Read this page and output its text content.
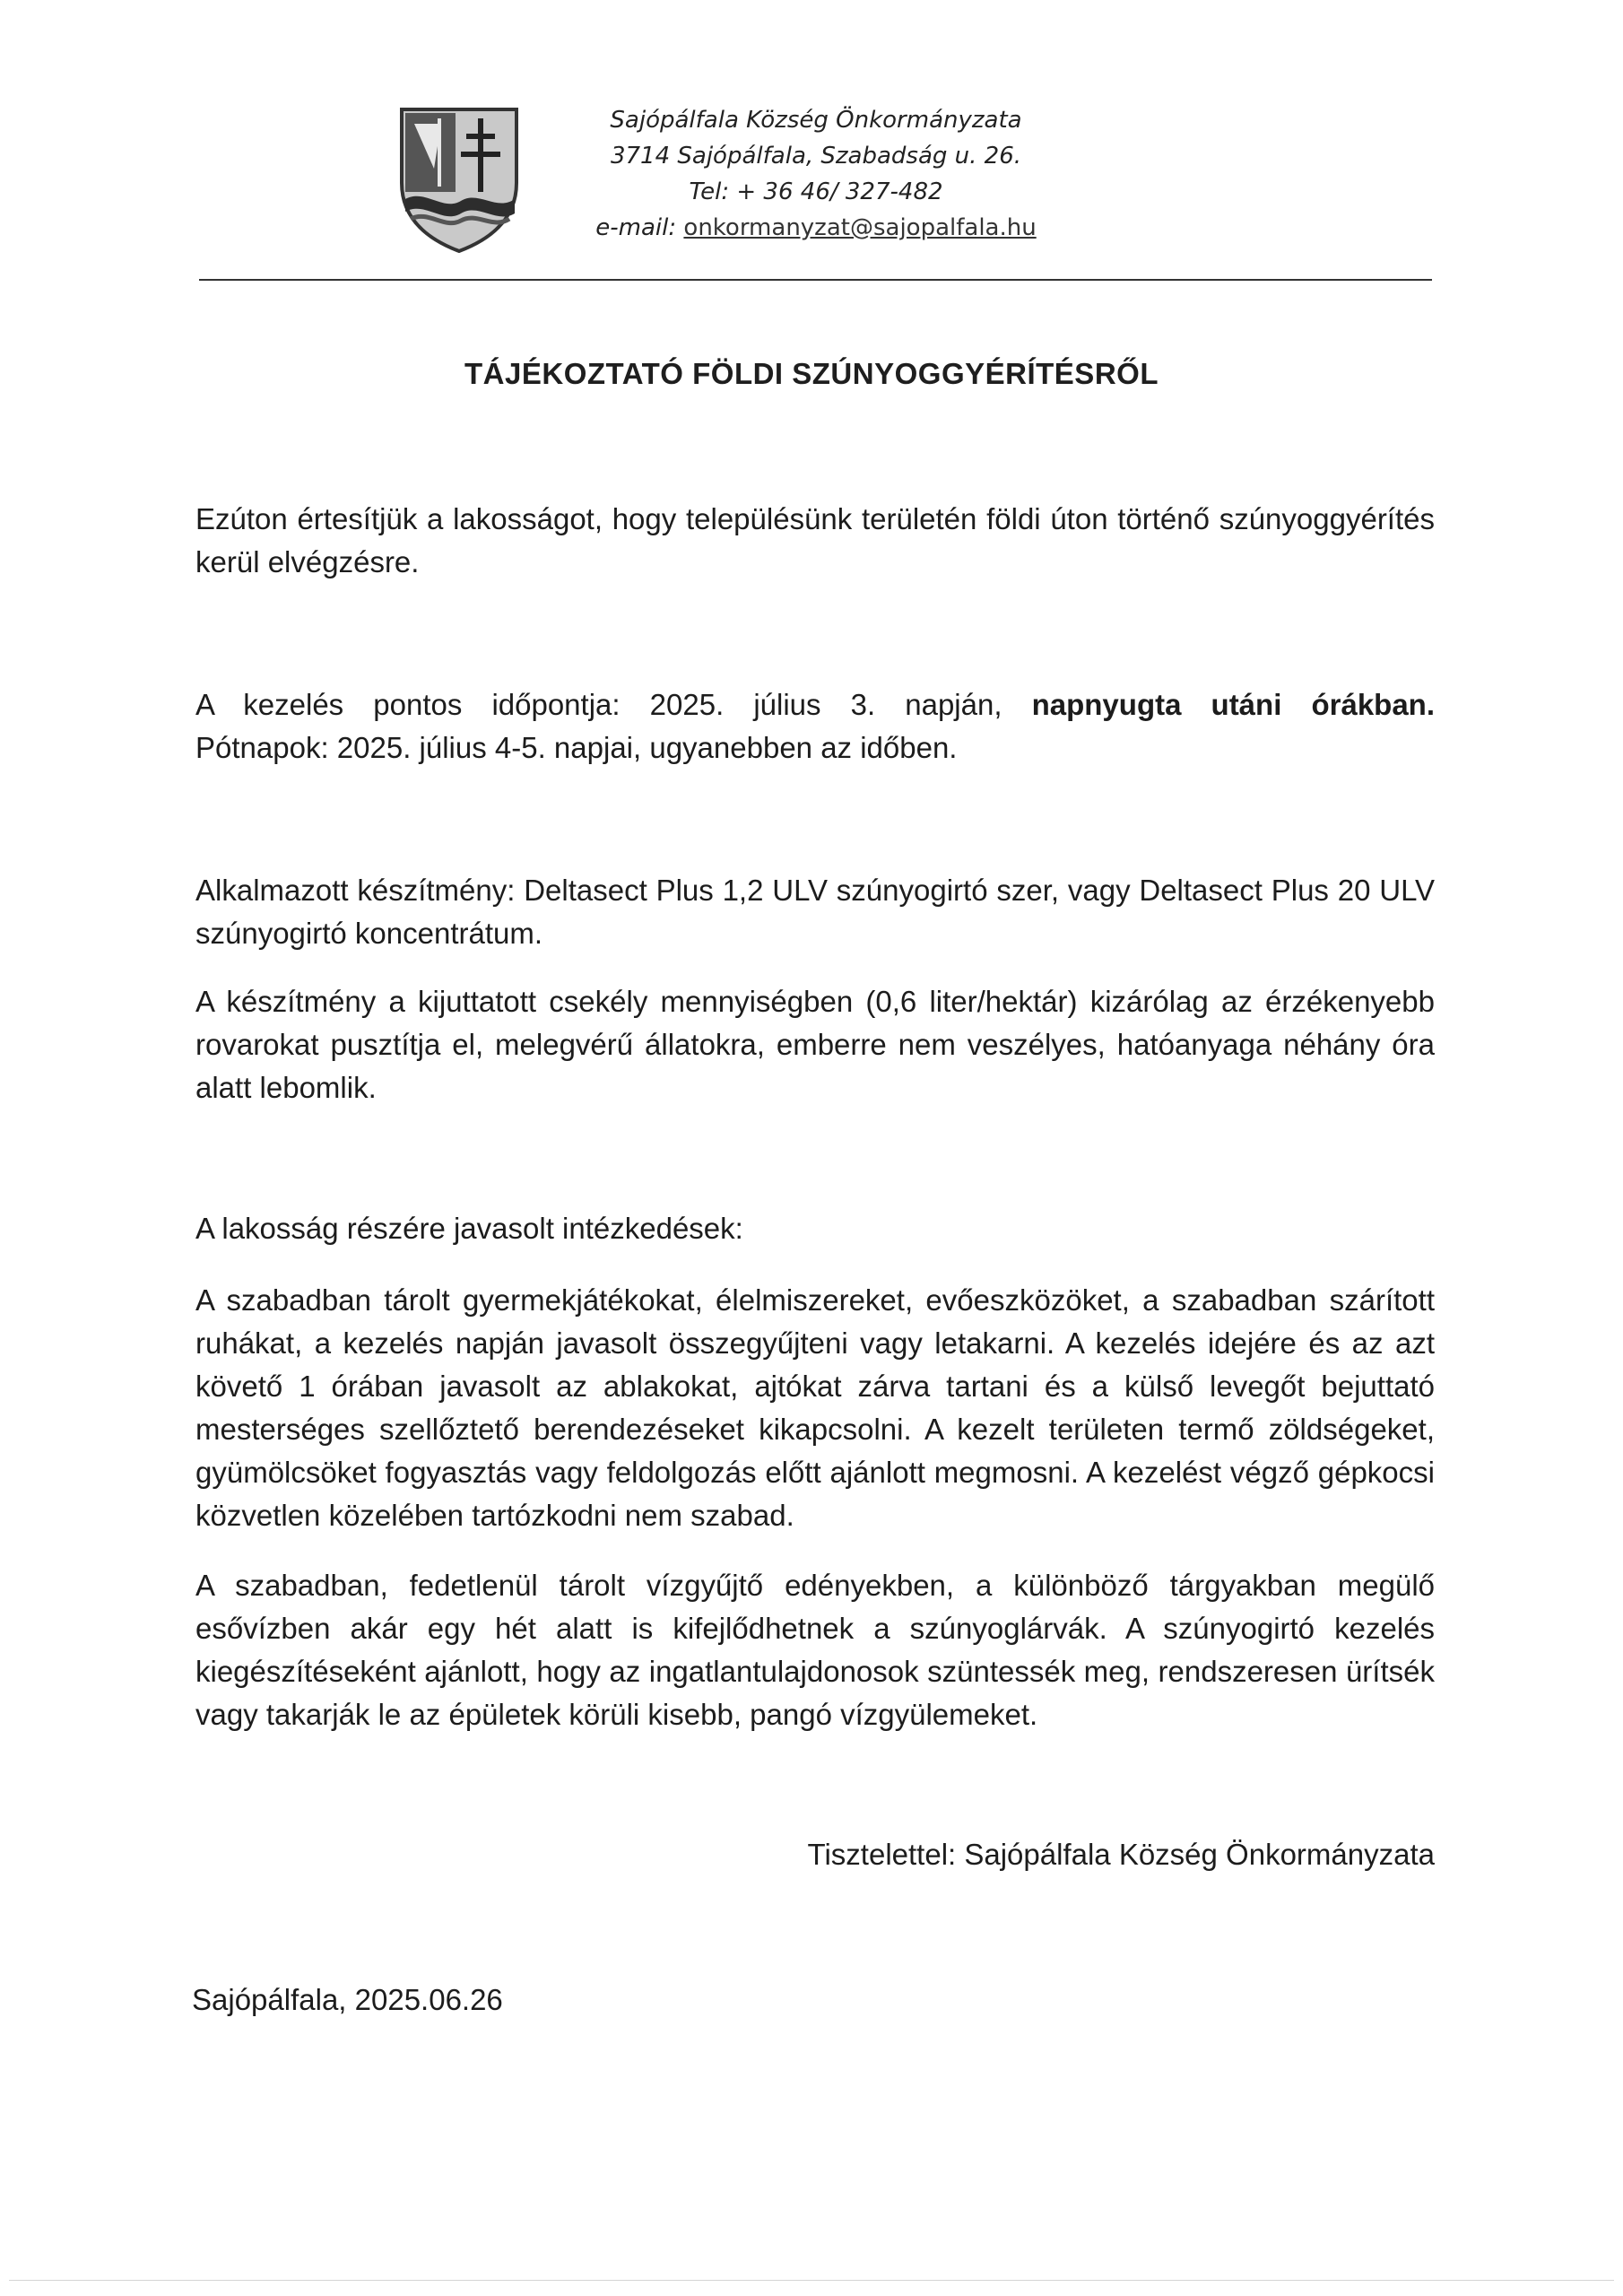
Sajópálfala Község Önkormányzata
3714 Sajópálfala, Szabadság u. 26.
Tel: + 36 46/ 327-482
e-mail: onkormanyzat@sajopalfala.hu
TÁJÉKOZTATÓ FÖLDI SZÚNYOGGYÉRÍTÉSRŐL

Ezúton értesítjük a lakosságot, hogy településünk területén földi úton történő szúnyoggyérítés kerül elvégzésre.

A kezelés pontos időpontja: 2025. július 3. napján, napnyugta utáni órákban.

Pótnapok: 2025. július 4-5. napjai, ugyanebben az időben.

Alkalmazott készítmény: Deltasect Plus 1,2 ULV szúnyogirtó szer, vagy Deltasect Plus 20 ULV szúnyogirtó koncentrátum.

A készítmény a kijuttatott csekély mennyiségben (0,6 liter/hektár) kizárólag az érzékenyebb rovarokat pusztítja el, melegvérű állatokra, emberre nem veszélyes, hatóanyaga néhány óra alatt lebomlik.

A lakosság részére javasolt intézkedések:

A szabadban tárolt gyermekjátékokat, élelmiszereket, evőeszközöket, a szabadban szárított ruhákat, a kezelés napján javasolt összegyűjteni vagy letakarni. A kezelés idejére és az azt követő 1 órában javasolt az ablakokat, ajtókat zárva tartani és a külső levegőt bejuttató mesterséges szellőztető berendezéseket kikapcsolni. A kezelt területen termő zöldségeket, gyümölcsöket fogyasztás vagy feldolgozás előtt ajánlott megmosni. A kezelést végző gépkocsi közvetlen közelében tartózkodni nem szabad.

A szabadban, fedetlenül tárolt vízgyűjtő edényekben, a különböző tárgyakban megülő esővízben akár egy hét alatt is kifejlődhetnek a szúnyoglárvák. A szúnyogirtó kezelés kiegészítéseként ajánlott, hogy az ingatlantulajdonosok szüntessék meg, rendszeresen ürítsék vagy takarják le az épületek körüli kisebb, pangó vízgyülemeket.

Tisztelettel: Sajópálfala Község Önkormányzata
Sajópálfala, 2025.06.26
